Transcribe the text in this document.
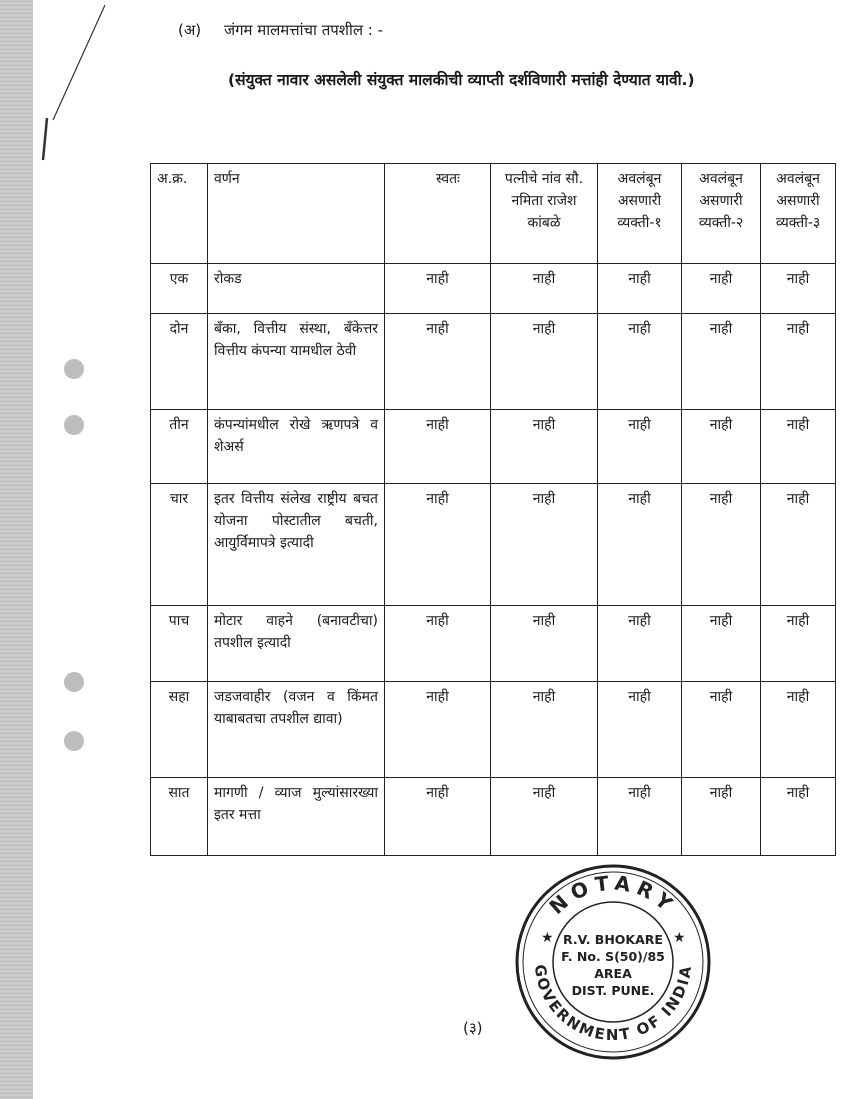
(अ) जंगम मालमत्तांचा तपशील : -
(संयुक्त नावार असलेली संयुक्त मालकीची व्याप्ती दर्शविणारी मत्तांही देण्यात यावी.)
अ.क्र.	वर्णन	स्वतः	पत्नीचे नांव सौ. नमिता राजेश कांबळे	अवलंबून असणारी व्यक्ती-१	अवलंबून असणारी व्यक्ती-२	अवलंबून असणारी व्यक्ती-३
एक	रोकड	नाही	नाही	नाही	नाही	नाही
दोन	बँका, वित्तीय संस्था, बँकेत्तर वित्तीय कंपन्या यामधील ठेवी	नाही	नाही	नाही	नाही	नाही
तीन	कंपन्यांमधील रोखे ऋणपत्रे व शेअर्स	नाही	नाही	नाही	नाही	नाही
चार	इतर वित्तीय संलेख राष्ट्रीय बचत योजना पोस्टातील बचती, आयुर्विमापत्रे इत्यादी	नाही	नाही	नाही	नाही	नाही
पाच	मोटार वाहने (बनावटीचा) तपशील इत्यादी	नाही	नाही	नाही	नाही	नाही
सहा	जडजवाहीर (वजन व किंमत याबाबतचा तपशील द्यावा)	नाही	नाही	नाही	नाही	नाही
सात	मागणी / व्याज मुल्यांसारख्या इतर मत्ता	नाही	नाही	नाही	नाही	नाही
NOTARY
GOVERNMENT OF INDIA
★	★
R.V. BHOKARE
F. No. S(50)/85
AREA
DIST. PUNE.
(३)
